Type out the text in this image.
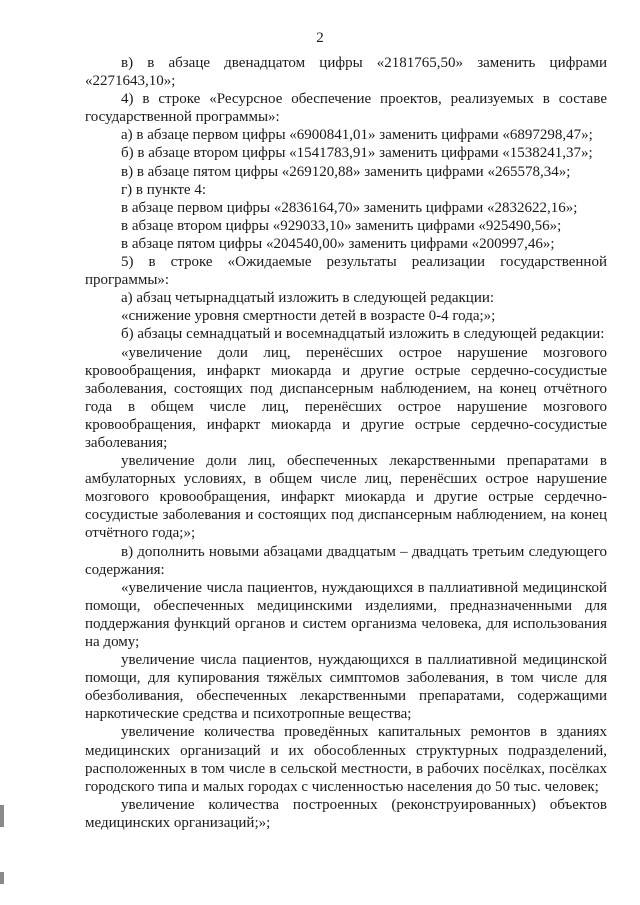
2

в) в абзаце двенадцатом цифры «2181765,50» заменить цифрами «2271643,10»;

4) в строке «Ресурсное обеспечение проектов, реализуемых в составе государственной программы»:

а) в абзаце первом цифры «6900841,01» заменить цифрами «6897298,47»;

б) в абзаце втором цифры «1541783,91» заменить цифрами «1538241,37»;

в) в абзаце пятом цифры «269120,88» заменить цифрами «265578,34»;

г) в пункте 4:

в абзаце первом цифры «2836164,70» заменить цифрами «2832622,16»;

в абзаце втором цифры «929033,10» заменить цифрами «925490,56»;

в абзаце пятом цифры «204540,00» заменить цифрами «200997,46»;

5) в строке «Ожидаемые результаты реализации государственной программы»:

а) абзац четырнадцатый изложить в следующей редакции:

«снижение уровня смертности детей в возрасте 0-4 года;»;

б) абзацы семнадцатый и восемнадцатый изложить в следующей редакции:

«увеличение доли лиц, перенёсших острое нарушение мозгового кровообращения, инфаркт миокарда и другие острые сердечно-сосудистые заболевания, состоящих под диспансерным наблюдением, на конец отчётного года в общем числе лиц, перенёсших острое нарушение мозгового кровообращения, инфаркт миокарда и другие острые сердечно-сосудистые заболевания;

увеличение доли лиц, обеспеченных лекарственными препаратами в амбулаторных условиях, в общем числе лиц, перенёсших острое нарушение мозгового кровообращения, инфаркт миокарда и другие острые сердечно-сосудистые заболевания и состоящих под диспансерным наблюдением, на конец отчётного года;»;

в) дополнить новыми абзацами двадцатым – двадцать третьим следующего содержания:

«увеличение числа пациентов, нуждающихся в паллиативной медицинской помощи, обеспеченных медицинскими изделиями, предназначенными для поддержания функций органов и систем организма человека, для использования на дому;

увеличение числа пациентов, нуждающихся в паллиативной медицинской помощи, для купирования тяжёлых симптомов заболевания, в том числе для обезболивания, обеспеченных лекарственными препаратами, содержащими наркотические средства и психотропные вещества;

увеличение количества проведённых капитальных ремонтов в зданиях медицинских организаций и их обособленных структурных подразделений, расположенных в том числе в сельской местности, в рабочих посёлках, посёлках городского типа и малых городах с численностью населения до 50 тыс. человек;

увеличение количества построенных (реконструированных) объектов медицинских организаций;»;
